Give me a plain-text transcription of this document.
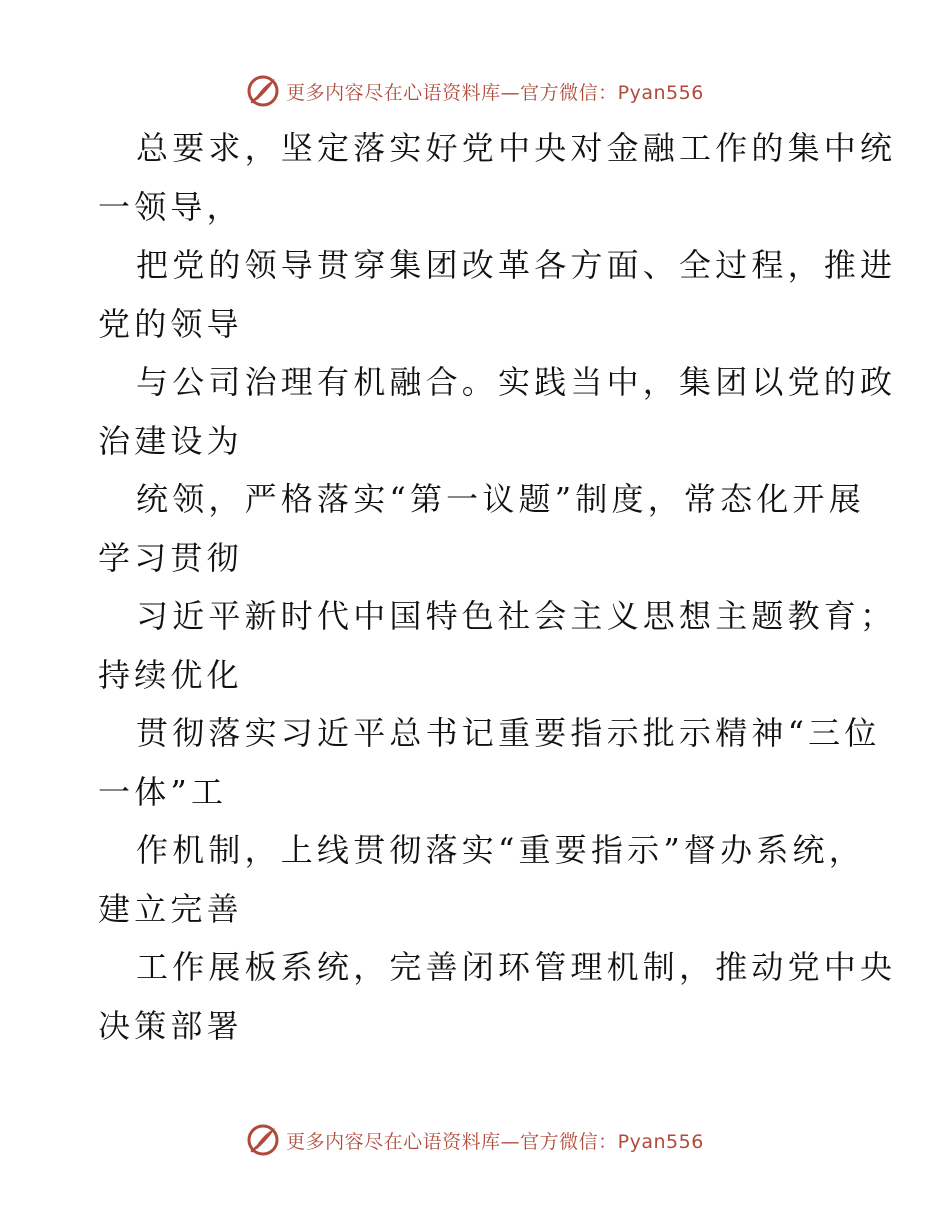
更多内容尽在心语资料库—官方微信：Pyan556
总要求，坚定落实好党中央对金融工作的集中统
一领导，
把党的领导贯穿集团改革各方面、全过程，推进
党的领导
与公司治理有机融合。实践当中，集团以党的政
治建设为
统领，严格落实“第一议题”制度，常态化开展
学习贯彻
习近平新时代中国特色社会主义思想主题教育；
持续优化
贯彻落实习近平总书记重要指示批示精神“三位
一体”工
作机制，上线贯彻落实“重要指示”督办系统，
建立完善
工作展板系统，完善闭环管理机制，推动党中央
决策部署
更多内容尽在心语资料库—官方微信：Pyan556
